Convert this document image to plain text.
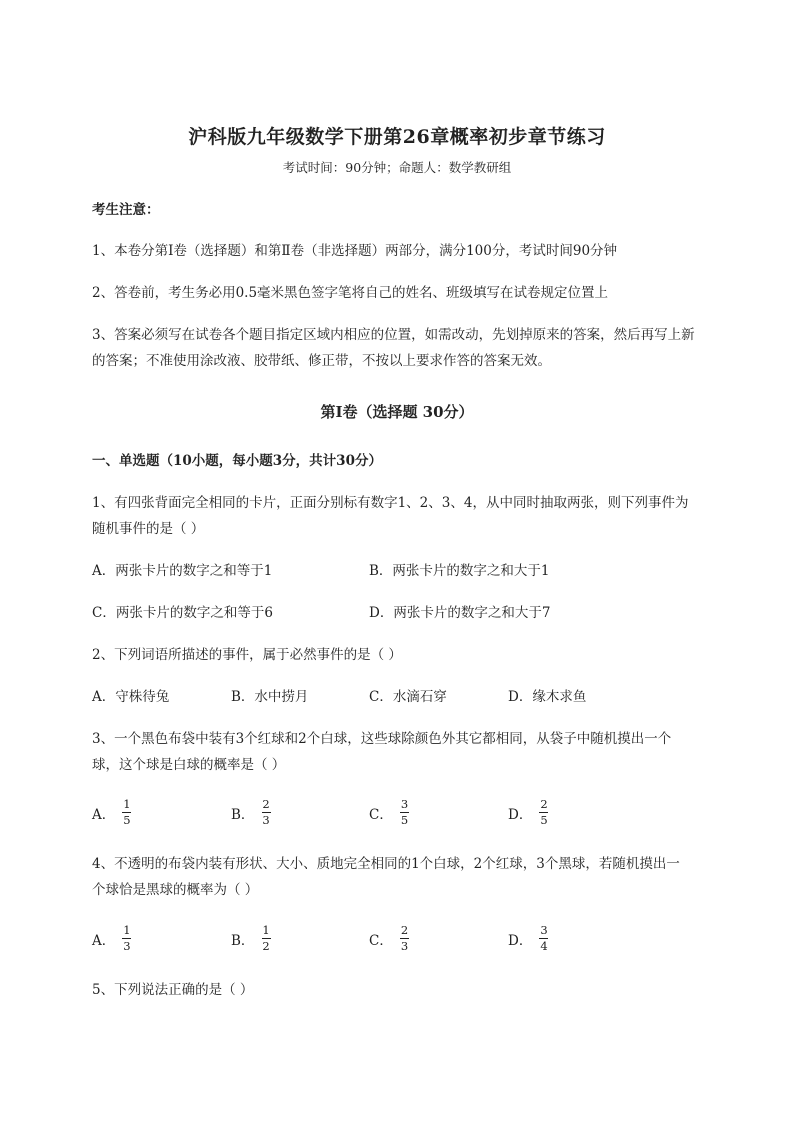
沪科版九年级数学下册第26章概率初步章节练习
考试时间：90分钟；命题人：数学教研组
考生注意：
1、本卷分第I卷（选择题）和第Ⅱ卷（非选择题）两部分，满分100分，考试时间90分钟
2、答卷前，考生务必用0.5毫米黑色签字笔将自己的姓名、班级填写在试卷规定位置上
3、答案必须写在试卷各个题目指定区域内相应的位置，如需改动，先划掉原来的答案，然后再写上新
的答案；不准使用涂改液、胶带纸、修正带，不按以上要求作答的答案无效。
第I卷（选择题 30分）
一、单选题（10小题，每小题3分，共计30分）
1、有四张背面完全相同的卡片，正面分别标有数字1、2、3、4，从中同时抽取两张，则下列事件为
随机事件的是（ ）
A．两张卡片的数字之和等于1	B．两张卡片的数字之和大于1
C．两张卡片的数字之和等于6	D．两张卡片的数字之和大于7
2、下列词语所描述的事件，属于必然事件的是（ ）
A．守株待兔	B．水中捞月	C．水滴石穿	D．缘木求鱼
3、一个黑色布袋中装有3个红球和2个白球，这些球除颜色外其它都相同，从袋子中随机摸出一个
球，这个球是白球的概率是（ ）
A． $\frac{1}{5}$	B． $\frac{2}{3}$	C． $\frac{3}{5}$	D． $\frac{2}{5}$
4、不透明的布袋内装有形状、大小、质地完全相同的1个白球，2个红球，3个黑球，若随机摸出一
个球恰是黑球的概率为（ ）
A． $\frac{1}{3}$	B． $\frac{1}{2}$	C． $\frac{2}{3}$	D． $\frac{3}{4}$
5、下列说法正确的是（ ）
